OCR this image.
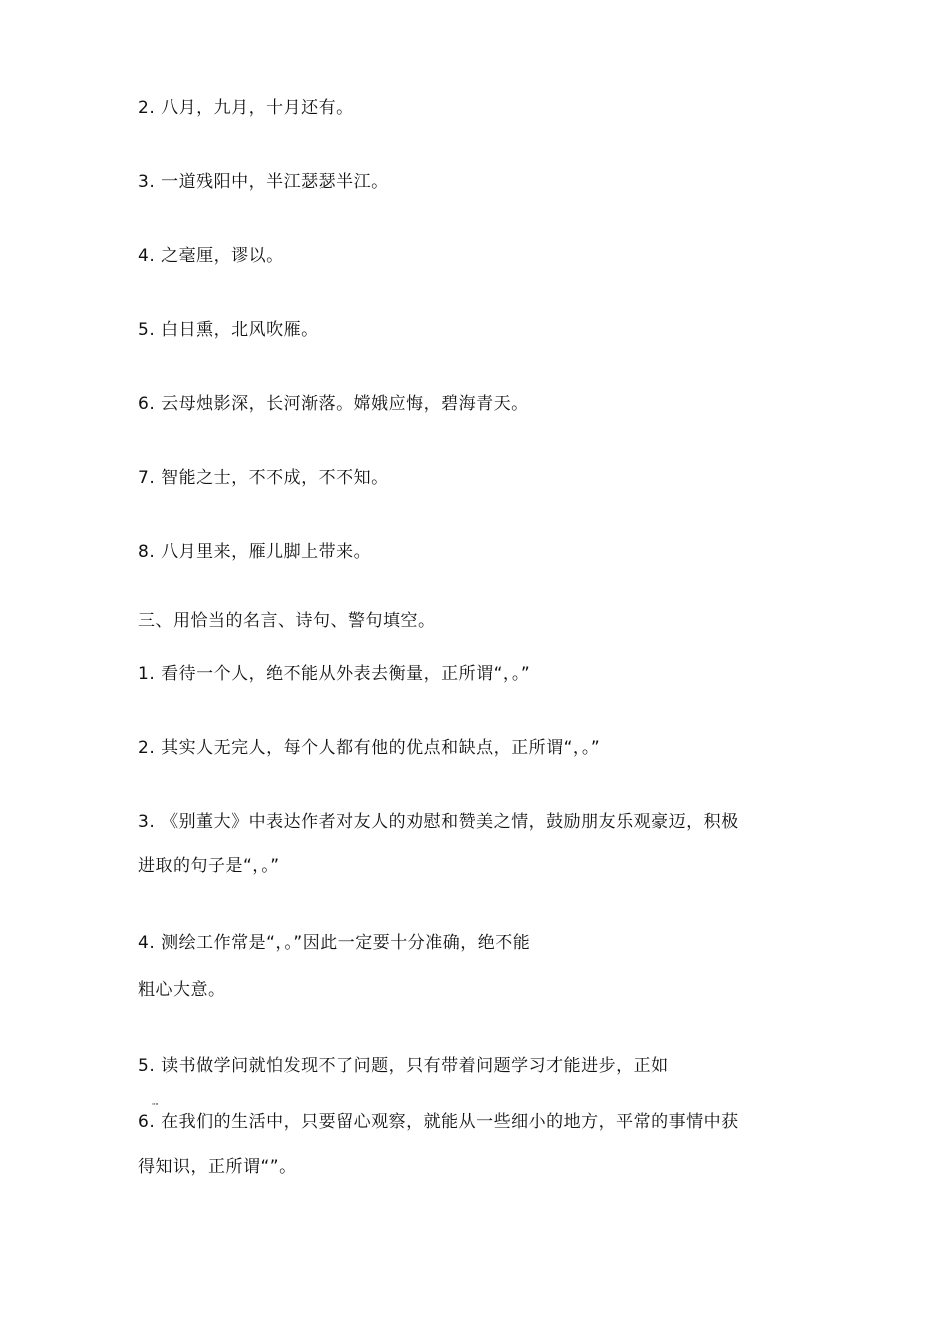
2. 八月，九月，十月还有。
3. 一道残阳中，半江瑟瑟半江。
4. 之毫厘，谬以。
5. 白日熏，北风吹雁。
6. 云母烛影深，长河渐落。嫦娥应悔，碧海青天。
7. 智能之士，不不成，不不知。
8. 八月里来，雁儿脚上带来。
三、用恰当的名言、诗句、警句填空。
1. 看待一个人，绝不能从外表去衡量，正所谓“，。”
2. 其实人无完人，每个人都有他的优点和缺点，正所谓“，。”
3. 《别董大》中表达作者对友人的劝慰和赞美之情，鼓励朋友乐观豪迈，积极
进取的句子是“，。”
4. 测绘工作常是“，。”因此一定要十分准确，绝不能
粗心大意。
5. 读书做学问就怕发现不了问题，只有带着问题学习才能进步，正如
""
6. 在我们的生活中，只要留心观察，就能从一些细小的地方，平常的事情中获
得知识，正所谓“”。
